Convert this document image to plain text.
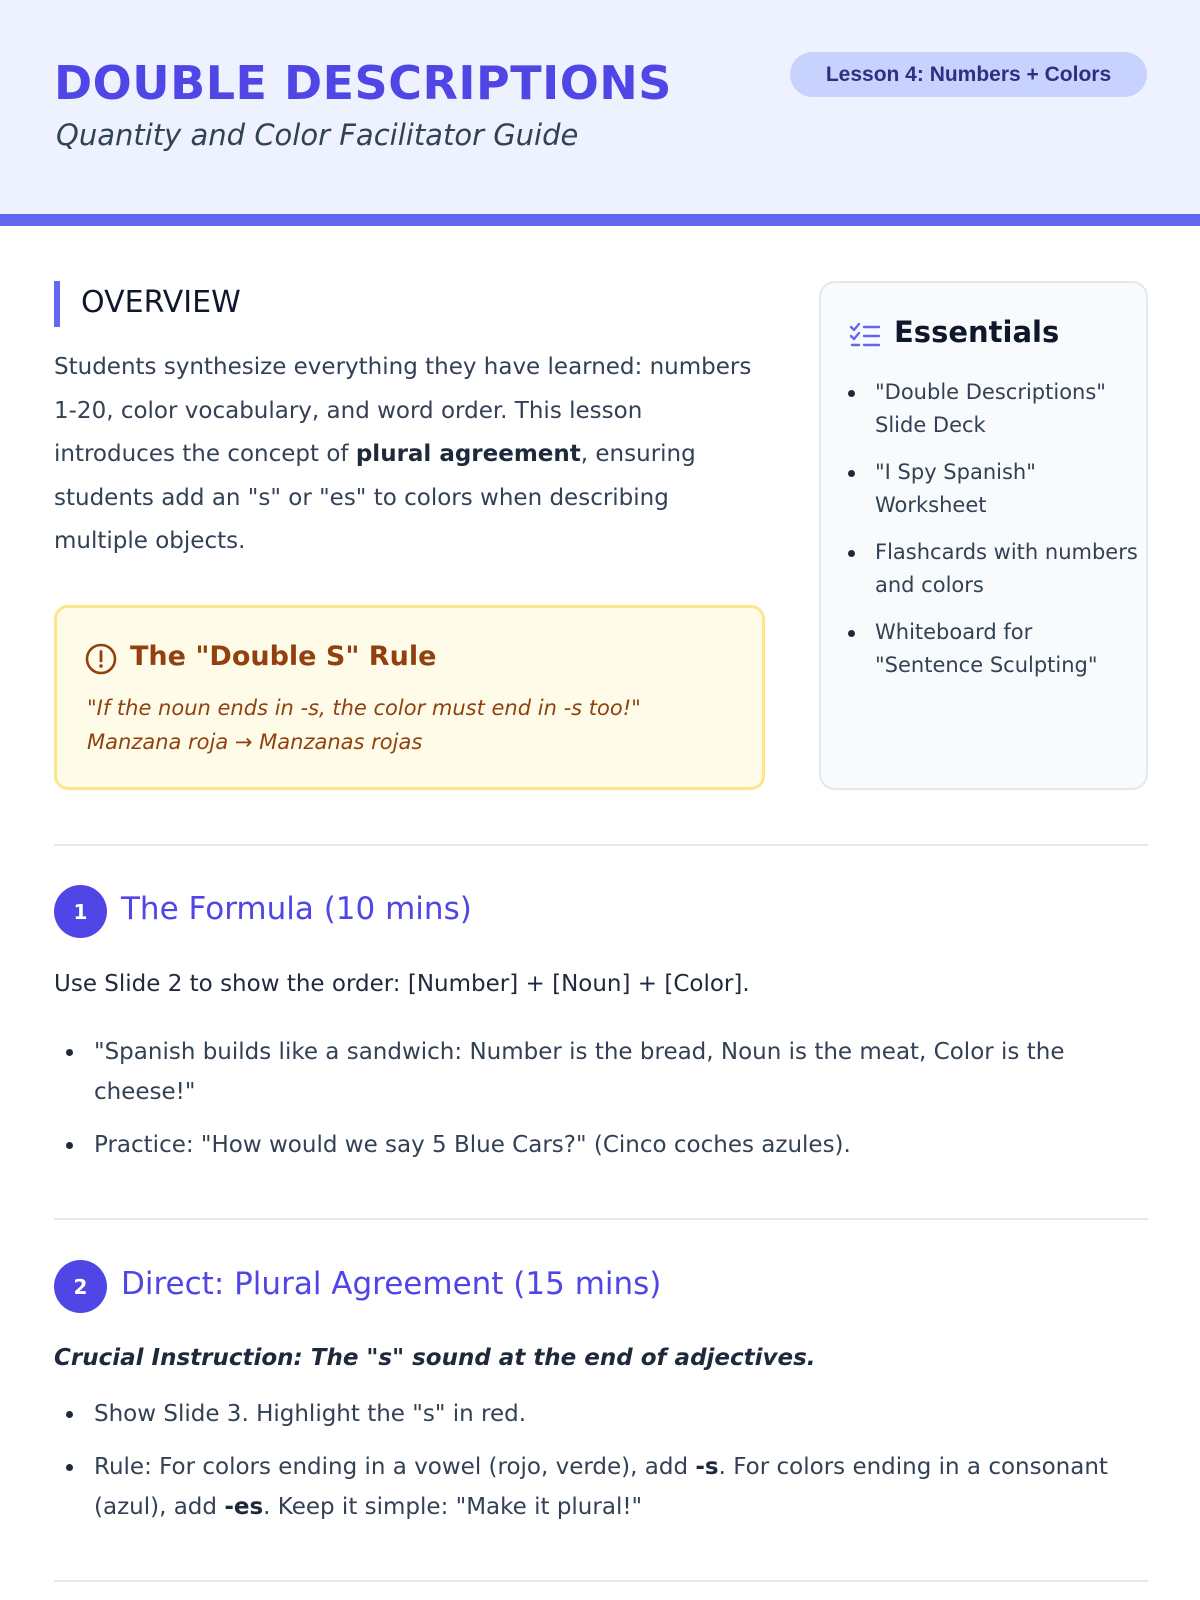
DOUBLE DESCRIPTIONS
Quantity and Color Facilitator Guide
Lesson 4: Numbers + Colors
OVERVIEW

Students synthesize everything they have learned: numbers 1-20, color vocabulary, and word order. This lesson introduces the concept of plural agreement, ensuring students add an "s" or "es" to colors when describing multiple objects.

The "Double S" Rule
"If the noun ends in -s, the color must end in -s too!"
Manzana roja → Manzanas rojas
Essentials
"Double Descriptions" Slide Deck
"I Spy Spanish" Worksheet
Flashcards with numbers and colors
Whiteboard for "Sentence Sculpting"
1	The Formula (10 mins)
Use Slide 2 to show the order: [Number] + [Noun] + [Color].
"Spanish builds like a sandwich: Number is the bread, Noun is the meat, Color is the cheese!"
Practice: "How would we say 5 Blue Cars?" (Cinco coches azules).
2	Direct: Plural Agreement (15 mins)
Crucial Instruction: The "s" sound at the end of adjectives.
Show Slide 3. Highlight the "s" in red.
Rule: For colors ending in a vowel (rojo, verde), add -s. For colors ending in a consonant (azul), add -es. Keep it simple: "Make it plural!"
